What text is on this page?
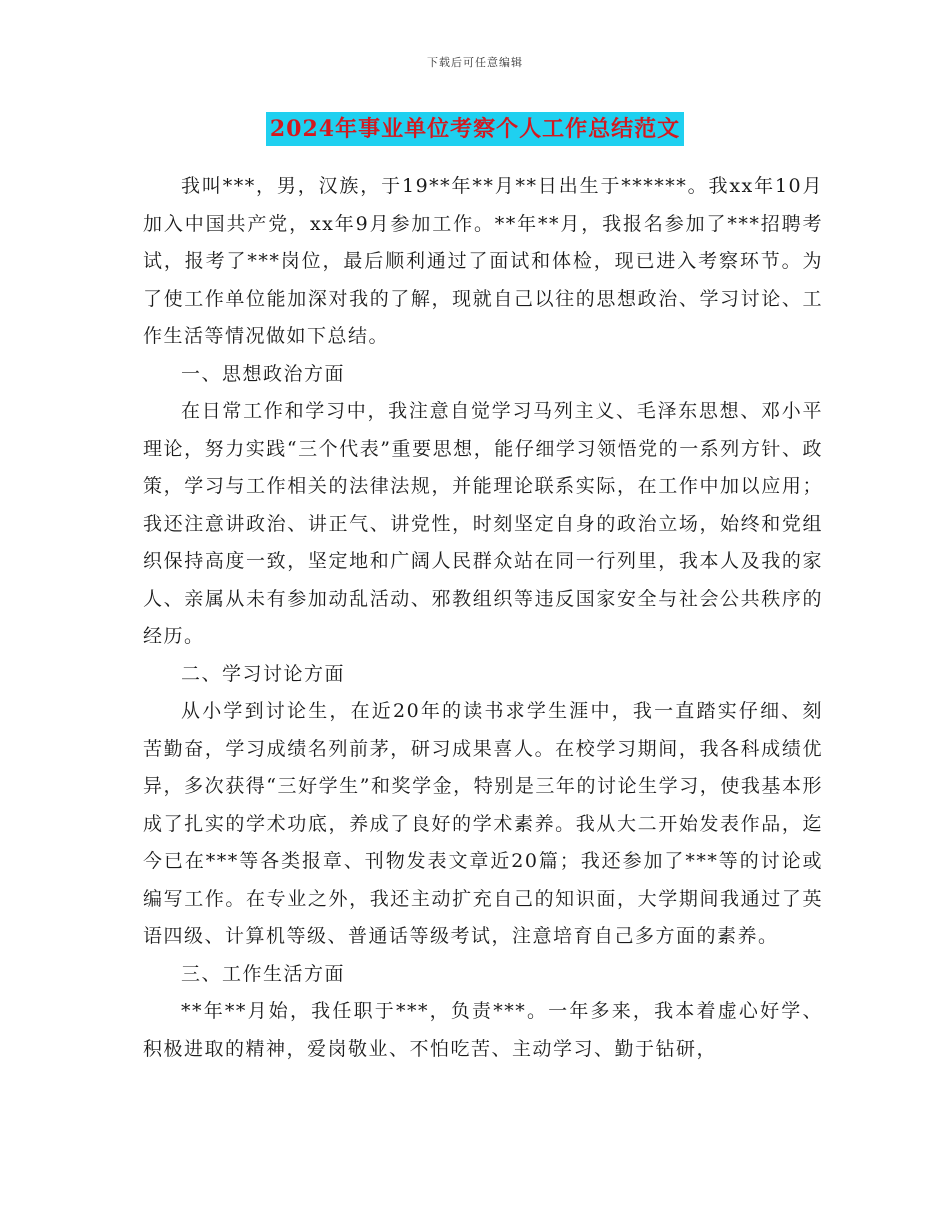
下载后可任意编辑
2024年事业单位考察个人工作总结范文

我叫***，男，汉族，于19**年**月**日出生于******。我xx年10月加入中国共产党，xx年9月参加工作。**年**月，我报名参加了***招聘考试，报考了***岗位，最后顺利通过了面试和体检，现已进入考察环节。为了使工作单位能加深对我的了解，现就自己以往的思想政治、学习讨论、工作生活等情况做如下总结。

一、思想政治方面

在日常工作和学习中，我注意自觉学习马列主义、毛泽东思想、邓小平理论，努力实践“三个代表”重要思想，能仔细学习领悟党的一系列方针、政策，学习与工作相关的法律法规，并能理论联系实际，在工作中加以应用；我还注意讲政治、讲正气、讲党性，时刻坚定自身的政治立场，始终和党组织保持高度一致，坚定地和广阔人民群众站在同一行列里，我本人及我的家人、亲属从未有参加动乱活动、邪教组织等违反国家安全与社会公共秩序的经历。

二、学习讨论方面

从小学到讨论生，在近20年的读书求学生涯中，我一直踏实仔细、刻苦勤奋，学习成绩名列前茅，研习成果喜人。在校学习期间，我各科成绩优异，多次获得“三好学生”和奖学金，特别是三年的讨论生学习，使我基本形成了扎实的学术功底，养成了良好的学术素养。我从大二开始发表作品，迄今已在***等各类报章、刊物发表文章近20篇；我还参加了***等的讨论或编写工作。在专业之外，我还主动扩充自己的知识面，大学期间我通过了英语四级、计算机等级、普通话等级考试，注意培育自己多方面的素养。

三、工作生活方面

**年**月始，我任职于***，负责***。一年多来，我本着虚心好学、积极进取的精神，爱岗敬业、不怕吃苦、主动学习、勤于钻研，
